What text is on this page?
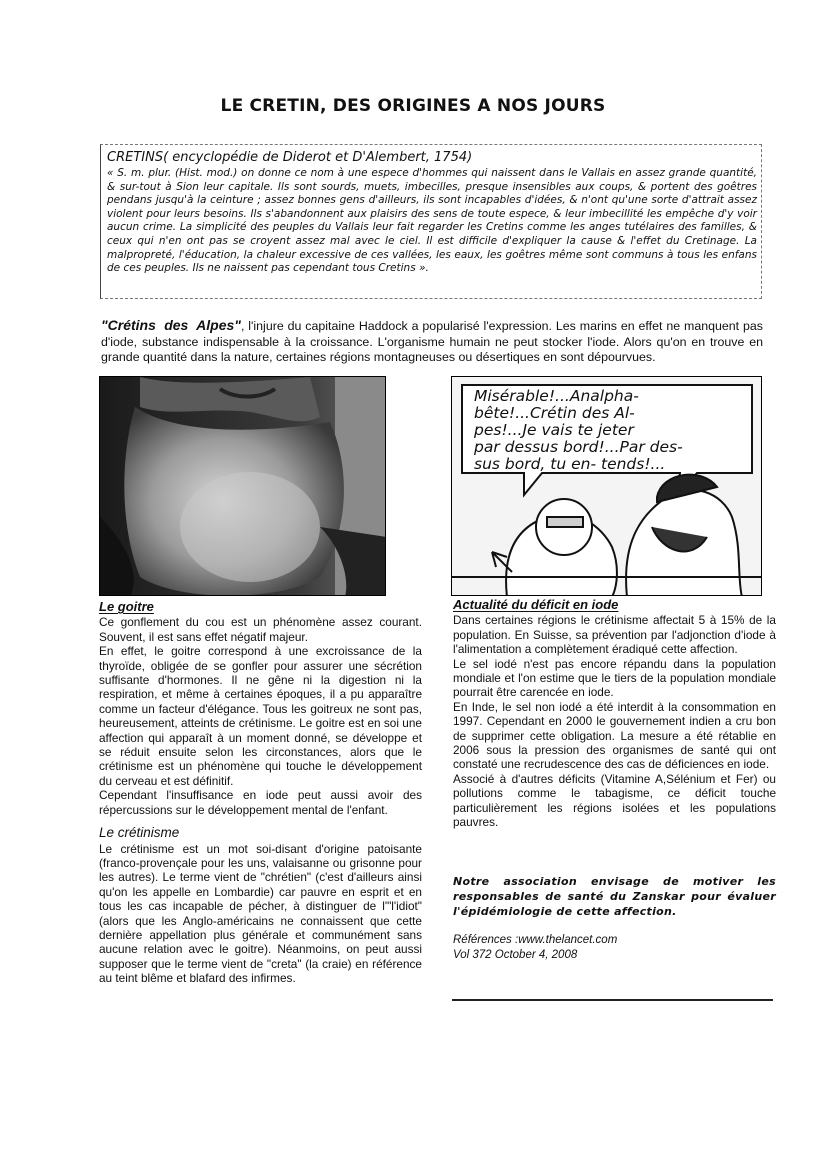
LE CRETIN, DES ORIGINES A NOS JOURS
CRETINS( encyclopédie de Diderot et D'Alembert, 1754)

« S. m. plur. (Hist. mod.) on donne ce nom à une espece d'hommes qui naissent dans le Vallais en assez grande quantité, & sur-tout à Sion leur capitale. Ils sont sourds, muets, imbecilles, presque insensibles aux coups, & portent des goêtres pendans jusqu'à la ceinture ; assez bonnes gens d'ailleurs, ils sont incapables d'idées, & n'ont qu'une sorte d'attrait assez violent pour leurs besoins. Ils s'abandonnent aux plaisirs des sens de toute espece, & leur imbecillité les empêche d'y voir aucun crime. La simplicité des peuples du Vallais leur fait regarder les Cretins comme les anges tutélaires des familles, & ceux qui n'en ont pas se croyent assez mal avec le ciel. Il est difficile d'expliquer la cause & l'effet du Cretinage. La malpropreté, l'éducation, la chaleur excessive de ces vallées, les eaux, les goêtres même sont communs à tous les enfans de ces peuples. Ils ne naissent pas cependant tous Cretins ».

"Crétins des Alpes", l'injure du capitaine Haddock a popularisé l'expression. Les marins en effet ne manquent pas d'iode, substance indispensable à la croissance. L'organisme humain ne peut stocker l'iode. Alors qu'on en trouve en grande quantité dans la nature, certaines régions montagneuses ou désertiques en sont dépourvues.

Misérable!...Analpha-
bête!...Crétin des Al-
pes!...Je vais te jeter
par dessus bord!...Par des-
sus bord, tu en- tends!...
Le goitre

Ce gonflement du cou est un phénomène assez courant. Souvent, il est sans effet négatif majeur.

En effet, le goitre correspond à une excroissance de la thyroïde, obligée de se gonfler pour assurer une sécrétion suffisante d'hormones. Il ne gêne ni la digestion ni la respiration, et même à certaines époques, il a pu apparaître comme un facteur d'élégance. Tous les goitreux ne sont pas, heureusement, atteints de crétinisme. Le goitre est en soi une affection qui apparaît à un moment donné, se développe et se réduit ensuite selon les circonstances, alors que le crétinisme est un phénomène qui touche le développement du cerveau et est définitif.

Cependant l'insuffisance en iode peut aussi avoir des répercussions sur le développement mental de l'enfant.

Le crétinisme

Le crétinisme est un mot soi-disant d'origine patoisante (franco-provençale pour les uns, valaisanne ou grisonne pour les autres). Le terme vient de "chrétien" (c'est d'ailleurs ainsi qu'on les appelle en Lombardie) car pauvre en esprit et en tous les cas incapable de pécher, à distinguer de l'"l'idiot" (alors que les Anglo-américains ne connaissent que cette dernière appellation plus générale et communément sans aucune relation avec le goitre). Néanmoins, on peut aussi supposer que le terme vient de "creta" (la craie) en référence au teint blême et blafard des infirmes.

Actualité du déficit en iode

Dans certaines régions le crétinisme affectait 5 à 15% de la population. En Suisse, sa prévention par l'adjonction d'iode à l'alimentation a complètement éradiqué cette affection.

Le sel iodé n'est pas encore répandu dans la population mondiale et l'on estime que le tiers de la population mondiale pourrait être carencée en iode.

En Inde, le sel non iodé a été interdit à la consommation en 1997. Cependant en 2000 le gouvernement indien a cru bon de supprimer cette obligation. La mesure a été rétablie en 2006 sous la pression des organismes de santé qui ont constaté une recrudescence des cas de déficiences en iode.

Associé à d'autres déficits (Vitamine A,Sélénium et Fer) ou pollutions comme le tabagisme, ce déficit touche particulièrement les régions isolées et les populations pauvres.

Notre association envisage de motiver les responsables de santé du Zanskar pour évaluer l'épidémiologie de cette affection.

Références :www.thelancet.com
Vol 372 October 4, 2008
